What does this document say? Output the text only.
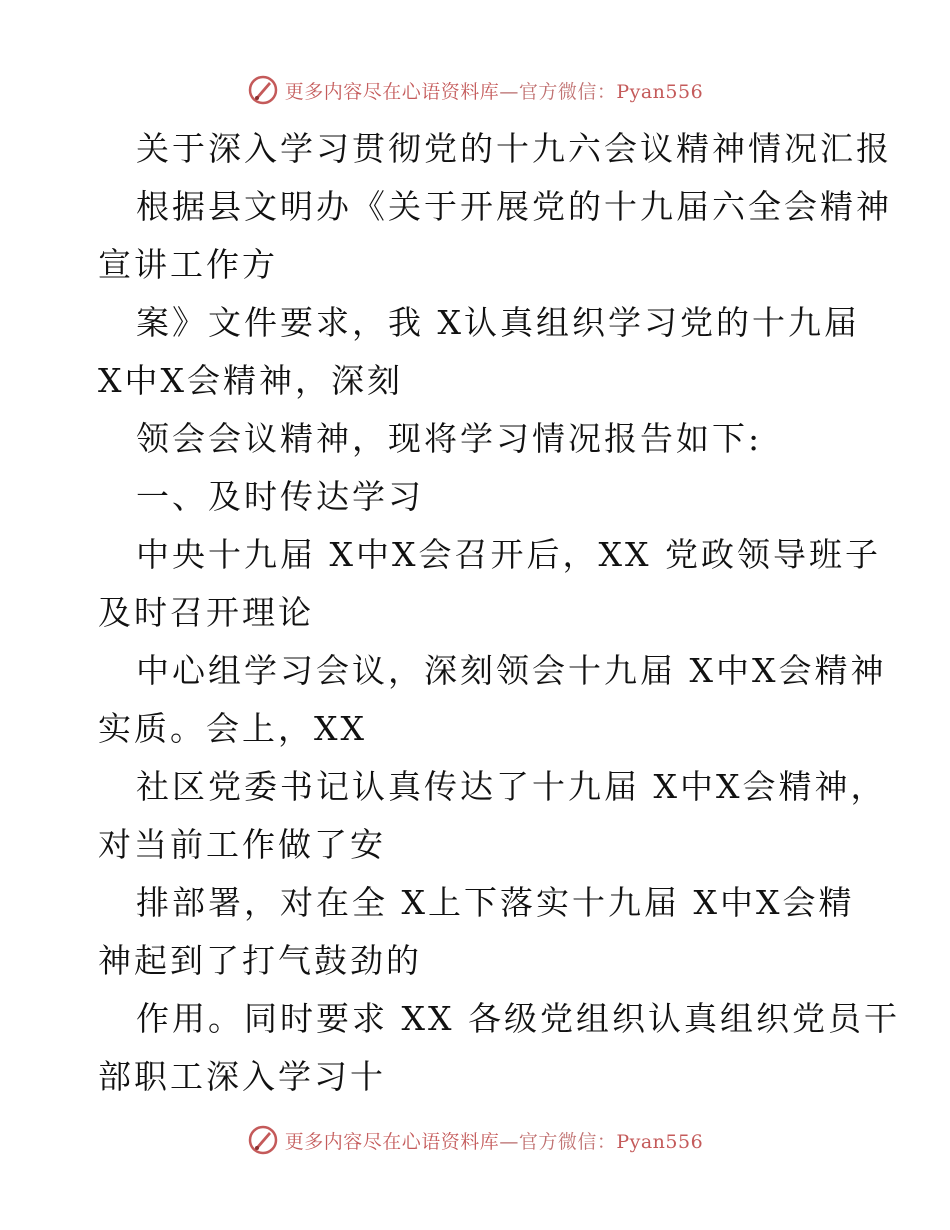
更多内容尽在心语资料库—官方微信：Pyan556
关于深入学习贯彻党的十九六会议精神情况汇报
根据县文明办《关于开展党的十九届六全会精神
宣讲工作方
案》文件要求，我 X认真组织学习党的十九届
X中X会精神，深刻
领会会议精神，现将学习情况报告如下:
一、及时传达学习
中央十九届 X中X会召开后，XX 党政领导班子
及时召开理论
中心组学习会议，深刻领会十九届 X中X会精神
实质。会上，XX
社区党委书记认真传达了十九届 X中X会精神，
对当前工作做了安
排部署，对在全 X上下落实十九届 X中X会精
神起到了打气鼓劲的
作用。同时要求 XX 各级党组织认真组织党员干
部职工深入学习十
更多内容尽在心语资料库—官方微信：Pyan556
